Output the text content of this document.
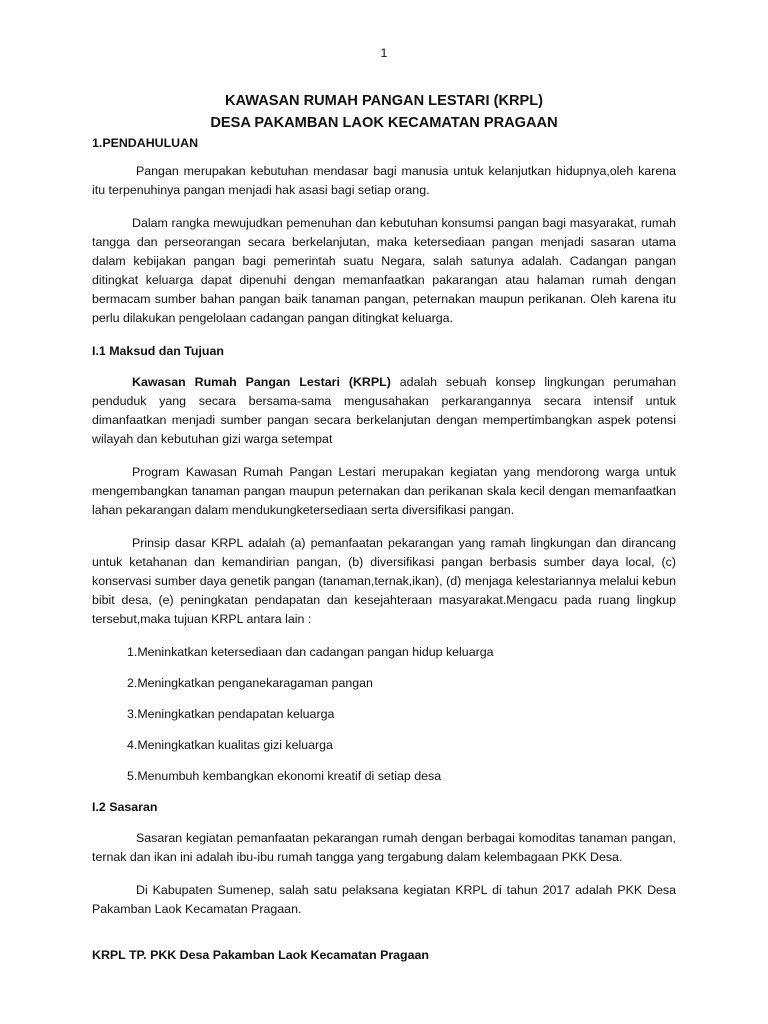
1

KAWASAN RUMAH PANGAN LESTARI (KRPL)

DESA PAKAMBAN LAOK KECAMATAN PRAGAAN

1.PENDAHULUAN

Pangan merupakan kebutuhan mendasar bagi manusia untuk kelanjutkan hidupnya,oleh karena itu terpenuhinya pangan menjadi hak asasi bagi setiap orang.

Dalam rangka mewujudkan pemenuhan dan kebutuhan konsumsi pangan bagi masyarakat, rumah tangga dan perseorangan secara berkelanjutan, maka ketersediaan pangan menjadi sasaran utama dalam kebijakan pangan bagi pemerintah suatu Negara, salah satunya adalah. Cadangan pangan ditingkat keluarga dapat dipenuhi dengan memanfaatkan pakarangan atau halaman rumah dengan bermacam sumber bahan pangan baik tanaman pangan, peternakan maupun perikanan. Oleh karena itu perlu dilakukan pengelolaan cadangan pangan ditingkat keluarga.

I.1 Maksud dan Tujuan

Kawasan Rumah Pangan Lestari (KRPL) adalah sebuah konsep lingkungan perumahan penduduk yang secara bersama-sama mengusahakan perkarangannya secara intensif untuk dimanfaatkan menjadi sumber pangan secara berkelanjutan dengan mempertimbangkan aspek potensi wilayah dan kebutuhan gizi warga setempat

Program Kawasan Rumah Pangan Lestari merupakan kegiatan yang mendorong warga untuk mengembangkan tanaman pangan maupun peternakan dan perikanan skala kecil dengan memanfaatkan lahan pekarangan dalam mendukungketersediaan serta diversifikasi pangan.

Prinsip dasar KRPL adalah (a) pemanfaatan pekarangan yang ramah lingkungan dan dirancang untuk ketahanan dan kemandirian pangan, (b) diversifikasi pangan berbasis sumber daya local, (c) konservasi sumber daya genetik pangan (tanaman,ternak,ikan), (d) menjaga kelestariannya melalui kebun bibit desa, (e) peningkatan pendapatan dan kesejahteraan masyarakat.Mengacu pada ruang lingkup tersebut,maka tujuan KRPL antara lain :

1.Meninkatkan ketersediaan dan cadangan pangan hidup keluarga
2.Meningkatkan penganekaragaman pangan
3.Meningkatkan pendapatan keluarga
4.Meningkatkan kualitas gizi keluarga
5.Menumbuh kembangkan ekonomi kreatif di setiap desa

I.2 Sasaran

Sasaran kegiatan pemanfaatan pekarangan rumah dengan berbagai komoditas tanaman pangan, ternak dan ikan ini adalah ibu-ibu rumah tangga yang tergabung dalam kelembagaan PKK Desa.

Di Kabupaten Sumenep, salah satu pelaksana kegiatan KRPL di tahun 2017 adalah PKK Desa Pakamban Laok Kecamatan Pragaan.

KRPL TP. PKK Desa Pakamban Laok Kecamatan Pragaan
